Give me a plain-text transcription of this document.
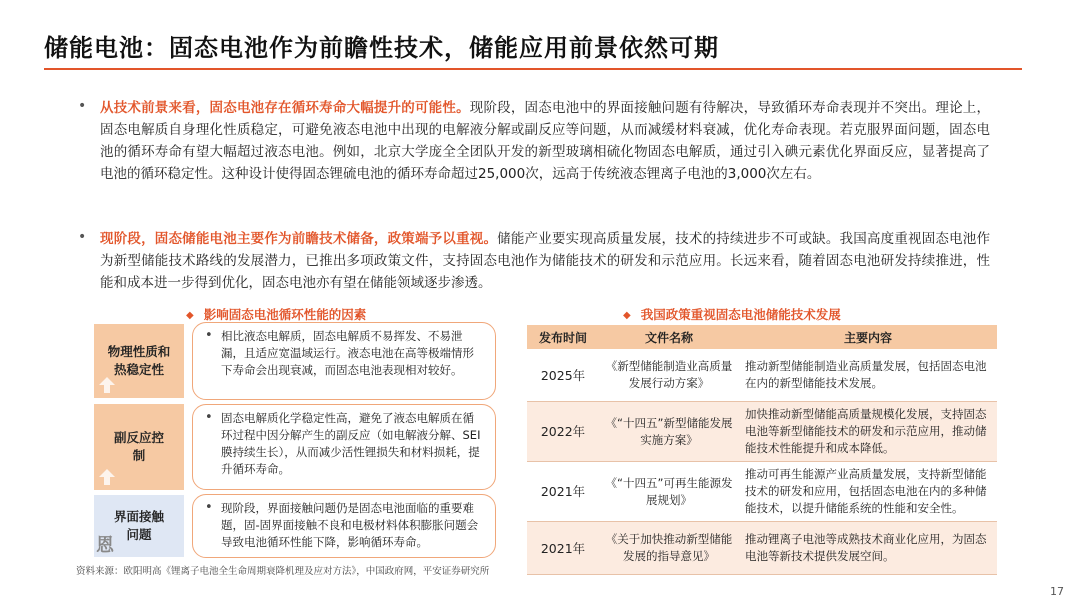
储能电池：固态电池作为前瞻性技术，储能应用前景依然可期
• 从技术前景来看，固态电池存在循环寿命大幅提升的可能性。现阶段，固态电池中的界面接触问题有待解决，导致循环寿命表现并不突出。理论上，固态电解质自身理化性质稳定，可避免液态电池中出现的电解液分解或副反应等问题，从而减缓材料衰减，优化寿命表现。若克服界面问题，固态电池的循环寿命有望大幅超过液态电池。例如，北京大学庞全全团队开发的新型玻璃相硫化物固态电解质，通过引入碘元素优化界面反应，显著提高了电池的循环稳定性。这种设计使得固态锂硫电池的循环寿命超过25,000次，远高于传统液态锂离子电池的3,000次左右。
• 现阶段，固态储能电池主要作为前瞻技术储备，政策端予以重视。储能产业要实现高质量发展，技术的持续进步不可或缺。我国高度重视固态电池作为新型储能技术路线的发展潜力，已推出多项政策文件，支持固态电池作为储能技术的研发和示范应用。长远来看，随着固态电池研发持续推进，性能和成本进一步得到优化，固态电池亦有望在储能领域逐步渗透。
◆ 影响固态电池循环性能的因素	◆ 我国政策重视固态电池储能技术发展
物理性质和热稳定性
副反应控制
界面接触问题
恩
• 相比液态电解质，固态电解质不易挥发、不易泄漏，且适应宽温域运行。液态电池在高等极端情形下寿命会出现衰减，而固态电池表现相对较好。
• 固态电解质化学稳定性高，避免了液态电解质在循环过程中因分解产生的副反应（如电解液分解、SEI膜持续生长），从而减少活性锂损失和材料损耗，提升循环寿命。
• 现阶段，界面接触问题仍是固态电池面临的重要难题，固-固界面接触不良和电极材料体积膨胀问题会导致电池循环性能下降，影响循环寿命。
发布时间	文件名称	主要内容
2025年	《新型储能制造业高质量发展行动方案》	推动新型储能制造业高质量发展，包括固态电池在内的新型储能技术发展。
2022年	《“十四五”新型储能发展实施方案》	加快推动新型储能高质量规模化发展，支持固态电池等新型储能技术的研发和示范应用，推动储能技术性能提升和成本降低。
2021年	《“十四五”可再生能源发展规划》	推动可再生能源产业高质量发展，支持新型储能技术的研发和应用，包括固态电池在内的多种储能技术，以提升储能系统的性能和安全性。
2021年	《关于加快推动新型储能发展的指导意见》	推动锂离子电池等成熟技术商业化应用，为固态电池等新技术提供发展空间。
资料来源：欧阳明高《锂离子电池全生命周期衰降机理及应对方法》，中国政府网，平安证券研究所
17
